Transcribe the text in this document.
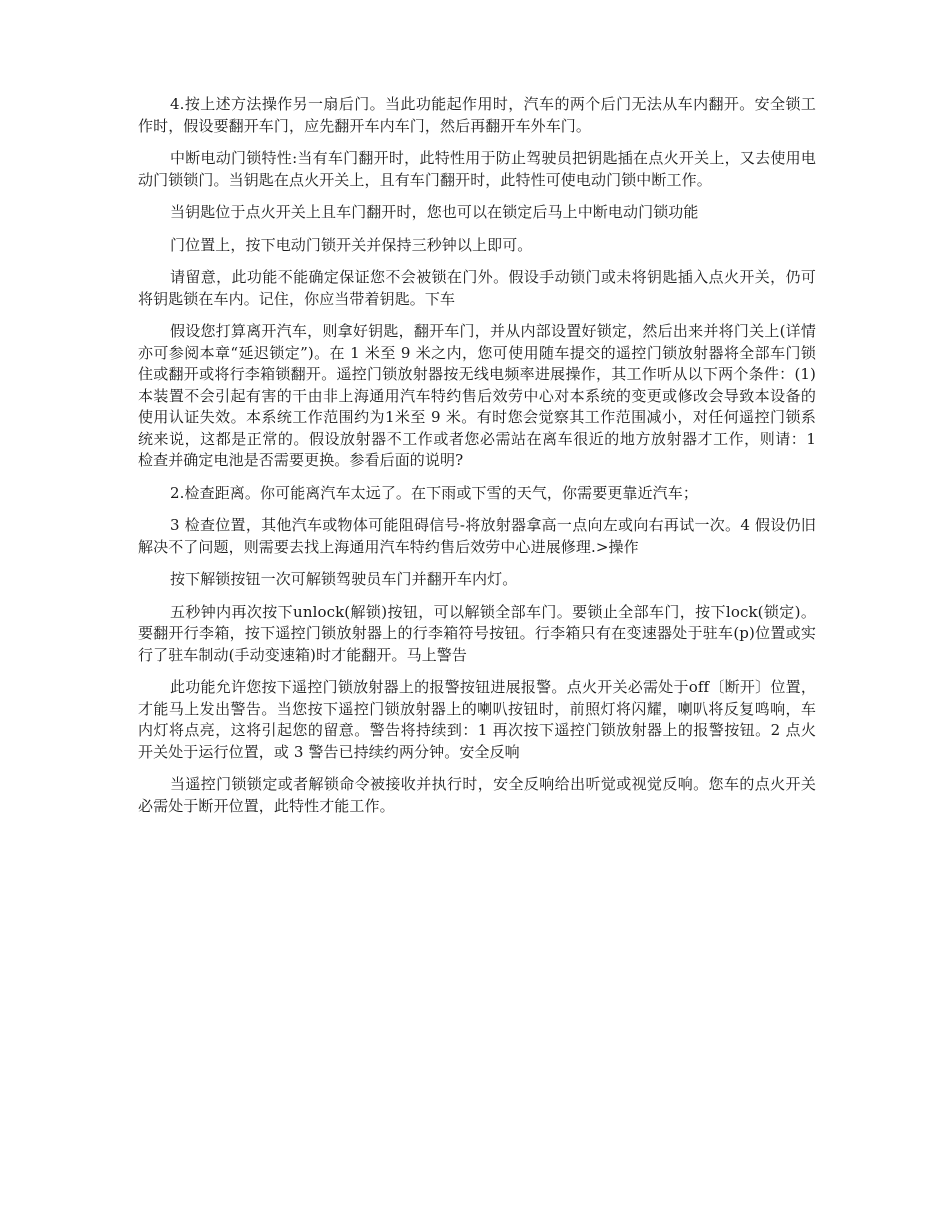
4.按上述方法操作另一扇后门。当此功能起作用时，汽车的两个后门无法从车内翻开。安全锁工作时，假设要翻开车门，应先翻开车内车门，然后再翻开车外车门。

中断电动门锁特性:当有车门翻开时，此特性用于防止驾驶员把钥匙插在点火开关上，又去使用电动门锁锁门。当钥匙在点火开关上，且有车门翻开时，此特性可使电动门锁中断工作。

当钥匙位于点火开关上且车门翻开时，您也可以在锁定后马上中断电动门锁功能

门位置上，按下电动门锁开关并保持三秒钟以上即可。

请留意，此功能不能确定保证您不会被锁在门外。假设手动锁门或未将钥匙插入点火开关，仍可将钥匙锁在车内。记住，你应当带着钥匙。下车

假设您打算离开汽车，则拿好钥匙，翻开车门，并从内部设置好锁定，然后出来并将门关上(详情亦可参阅本章“延迟锁定”)。在 1 米至 9 米之内，您可使用随车提交的遥控门锁放射器将全部车门锁住或翻开或将行李箱锁翻开。遥控门锁放射器按无线电频率进展操作，其工作听从以下两个条件：(1)本装置不会引起有害的干由非上海通用汽车特约售后效劳中心对本系统的变更或修改会导致本设备的使用认证失效。本系统工作范围约为1米至 9 米。有时您会觉察其工作范围减小，对任何遥控门锁系统来说，这都是正常的。假设放射器不工作或者您必需站在离车很近的地方放射器才工作，则请：1 检查并确定电池是否需要更换。参看后面的说明?

2.检查距离。你可能离汽车太远了。在下雨或下雪的天气，你需要更靠近汽车；

3 检查位置，其他汽车或物体可能阻碍信号-将放射器拿高一点向左或向右再试一次。4 假设仍旧解决不了问题，则需要去找上海通用汽车特约售后效劳中心进展修理.>操作

按下解锁按钮一次可解锁驾驶员车门并翻开车内灯。

五秒钟内再次按下unlock(解锁)按钮，可以解锁全部车门。要锁止全部车门，按下lock(锁定)。要翻开行李箱，按下遥控门锁放射器上的行李箱符号按钮。行李箱只有在变速器处于驻车(p)位置或实行了驻车制动(手动变速箱)时才能翻开。马上警告

此功能允许您按下遥控门锁放射器上的报警按钮进展报警。点火开关必需处于off〔断开〕位置，才能马上发出警告。当您按下遥控门锁放射器上的喇叭按钮时，前照灯将闪耀，喇叭将反复鸣响，车内灯将点亮，这将引起您的留意。警告将持续到：1 再次按下遥控门锁放射器上的报警按钮。2 点火开关处于运行位置，或 3 警告已持续约两分钟。安全反响

当遥控门锁锁定或者解锁命令被接收并执行时，安全反响给出听觉或视觉反响。您车的点火开关必需处于断开位置，此特性才能工作。
